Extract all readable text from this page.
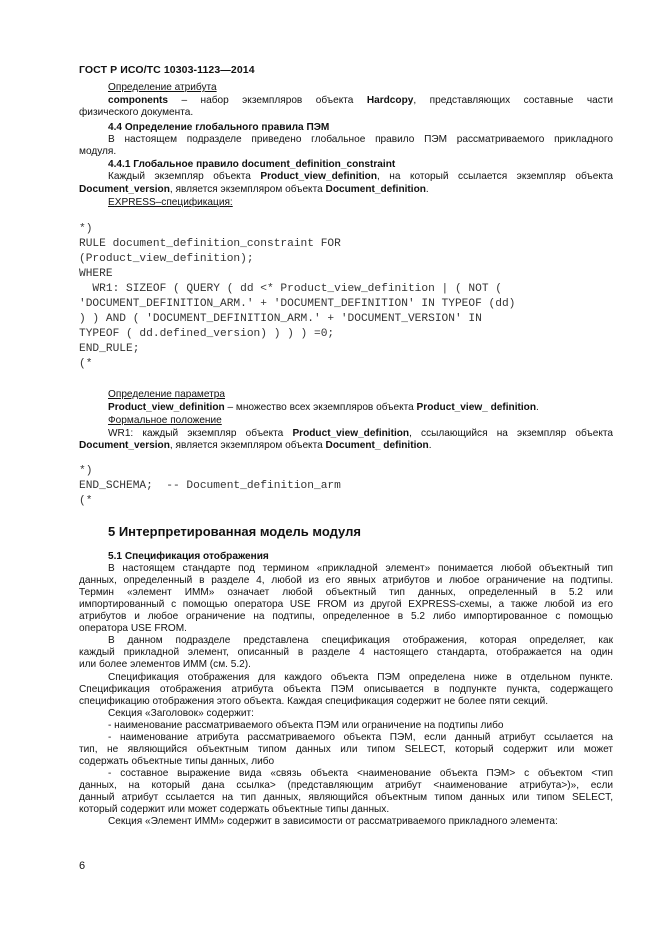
ГОСТ Р ИСО/ТС 10303-1123—2014
Определение атрибута
components – набор экземпляров объекта Hardcopy, представляющих составные части
физического документа.
4.4 Определение глобального правила ПЭМ
В настоящем подразделе приведено глобальное правило ПЭМ рассматриваемого прикладного
модуля.
4.4.1 Глобальное правило document_definition_constraint
Каждый экземпляр объекта Product_view_definition, на который ссылается экземпляр объекта
Document_version, является экземпляром объекта Document_definition.
EXPRESS–спецификация:
*)
RULE document_definition_constraint FOR
(Product_view_definition);
WHERE
WR1: SIZEOF ( QUERY ( dd <* Product_view_definition | ( NOT (
'DOCUMENT_DEFINITION_ARM.' + 'DOCUMENT_DEFINITION' IN TYPEOF (dd)
) ) AND ( 'DOCUMENT_DEFINITION_ARM.' + 'DOCUMENT_VERSION' IN
TYPEOF ( dd.defined_version) ) ) ) =0;
END_RULE;
(*
Определение параметра
Product_view_definition – множество всех экземпляров объекта Product_view_ definition.
Формальное положение
WR1: каждый экземпляр объекта Product_view_definition, ссылающийся на экземпляр объекта
Document_version, является экземпляром объекта Document_ definition.
*)
END_SCHEMA;  -- Document_definition_arm
(*
5 Интерпретированная модель модуля
5.1 Спецификация отображения
В настоящем стандарте под термином «прикладной элемент» понимается любой объектный тип
данных, определенный в разделе 4, любой из его явных атрибутов и любое ограничение на подтипы.
Термин «элемент ИММ» означает любой объектный тип данных, определенный в 5.2 или
импортированный с помощью оператора USE FROM из другой EXPRESS-схемы, а также любой из его
атрибутов и любое ограничение на подтипы, определенное в 5.2 либо импортированное с помощью
оператора USE FROM.
В данном подразделе представлена спецификация отображения, которая определяет, как
каждый прикладной элемент, описанный в разделе 4 настоящего стандарта, отображается на один
или более элементов ИММ (см. 5.2).
Спецификация отображения для каждого объекта ПЭМ определена ниже в отдельном пункте.
Спецификация отображения атрибута объекта ПЭМ описывается в подпункте пункта, содержащего
спецификацию отображения этого объекта. Каждая спецификация содержит не более пяти секций.
Секция «Заголовок» содержит:
- наименование рассматриваемого объекта ПЭМ или ограничение на подтипы либо
- наименование атрибута рассматриваемого объекта ПЭМ, если данный атрибут ссылается на
тип, не являющийся объектным типом данных или типом SELECT, который содержит или может
содержать объектные типы данных, либо
- составное выражение вида «связь объекта <наименование объекта ПЭМ> с объектом <тип
данных, на который дана ссылка> (представляющим атрибут <наименование атрибута>)», если
данный атрибут ссылается на тип данных, являющийся объектным типом данных или типом SELECT,
который содержит или может содержать объектные типы данных.
Секция «Элемент ИММ» содержит в зависимости от рассматриваемого прикладного элемента:
6
